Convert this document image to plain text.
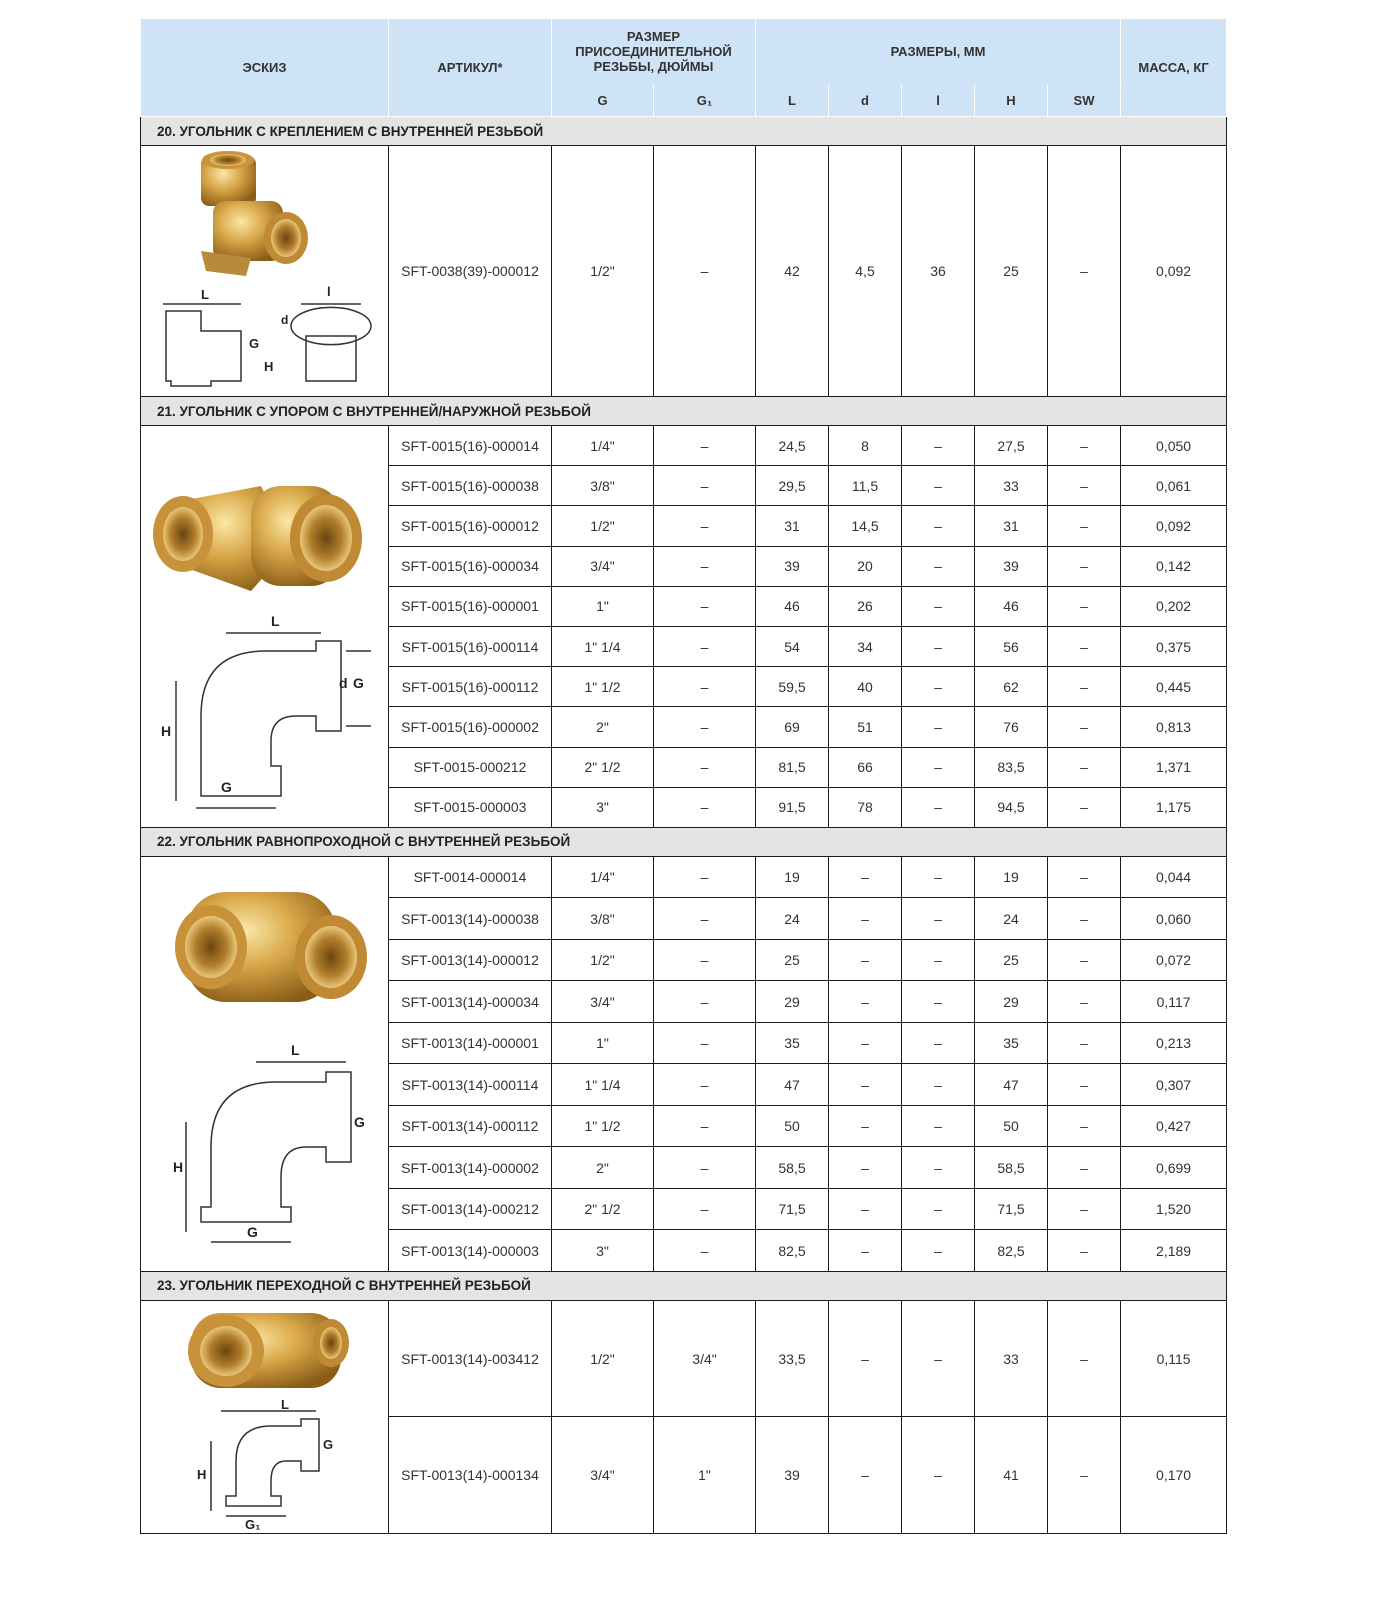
ЭСКИЗ	АРТИКУЛ*	РАЗМЕР ПРИСОЕДИНИТЕЛЬНОЙ РЕЗЬБЫ, ДЮЙМЫ		РАЗМЕРЫ, ММ					МАССА, КГ
		G	G₁	L	d	l	H	SW	
20. УГОЛЬНИК С КРЕПЛЕНИЕМ С ВНУТРЕННЕЙ РЕЗЬБОЙ									

L
G
H
l
d	SFT-0038(39)-000012	1/2"	–	42	4,5	36	25	–	0,092
21. УГОЛЬНИК С УПОРОМ С ВНУТРЕННЕЙ/НАРУЖНОЙ РЕЗЬБОЙ									

L
d G
H
G	SFT-0015(16)-000014	1/4"	–	24,5	8	–	27,5	–	0,050
	SFT-0015(16)-000038	3/8"	–	29,5	11,5	–	33	–	0,061
	SFT-0015(16)-000012	1/2"	–	31	14,5	–	31	–	0,092
	SFT-0015(16)-000034	3/4"	–	39	20	–	39	–	0,142
	SFT-0015(16)-000001	1"	–	46	26	–	46	–	0,202
	SFT-0015(16)-000114	1" 1/4	–	54	34	–	56	–	0,375
	SFT-0015(16)-000112	1" 1/2	–	59,5	40	–	62	–	0,445
	SFT-0015(16)-000002	2"	–	69	51	–	76	–	0,813
	SFT-0015-000212	2" 1/2	–	81,5	66	–	83,5	–	1,371
	SFT-0015-000003	3"	–	91,5	78	–	94,5	–	1,175
22. УГОЛЬНИК РАВНОПРОХОДНОЙ С ВНУТРЕННЕЙ РЕЗЬБОЙ									

L
G
H
G	SFT-0014-000014	1/4"	–	19	–	–	19	–	0,044
	SFT-0013(14)-000038	3/8"	–	24	–	–	24	–	0,060
	SFT-0013(14)-000012	1/2"	–	25	–	–	25	–	0,072
	SFT-0013(14)-000034	3/4"	–	29	–	–	29	–	0,117
	SFT-0013(14)-000001	1"	–	35	–	–	35	–	0,213
	SFT-0013(14)-000114	1" 1/4	–	47	–	–	47	–	0,307
	SFT-0013(14)-000112	1" 1/2	–	50	–	–	50	–	0,427
	SFT-0013(14)-000002	2"	–	58,5	–	–	58,5	–	0,699
	SFT-0013(14)-000212	2" 1/2	–	71,5	–	–	71,5	–	1,520
	SFT-0013(14)-000003	3"	–	82,5	–	–	82,5	–	2,189
23. УГОЛЬНИК ПЕРЕХОДНОЙ С ВНУТРЕННЕЙ РЕЗЬБОЙ									

L
G
H
G₁	SFT-0013(14)-003412	1/2"	3/4"	33,5	–	–	33	–	0,115
	SFT-0013(14)-000134	3/4"	1"	39	–	–	41	–	0,170
